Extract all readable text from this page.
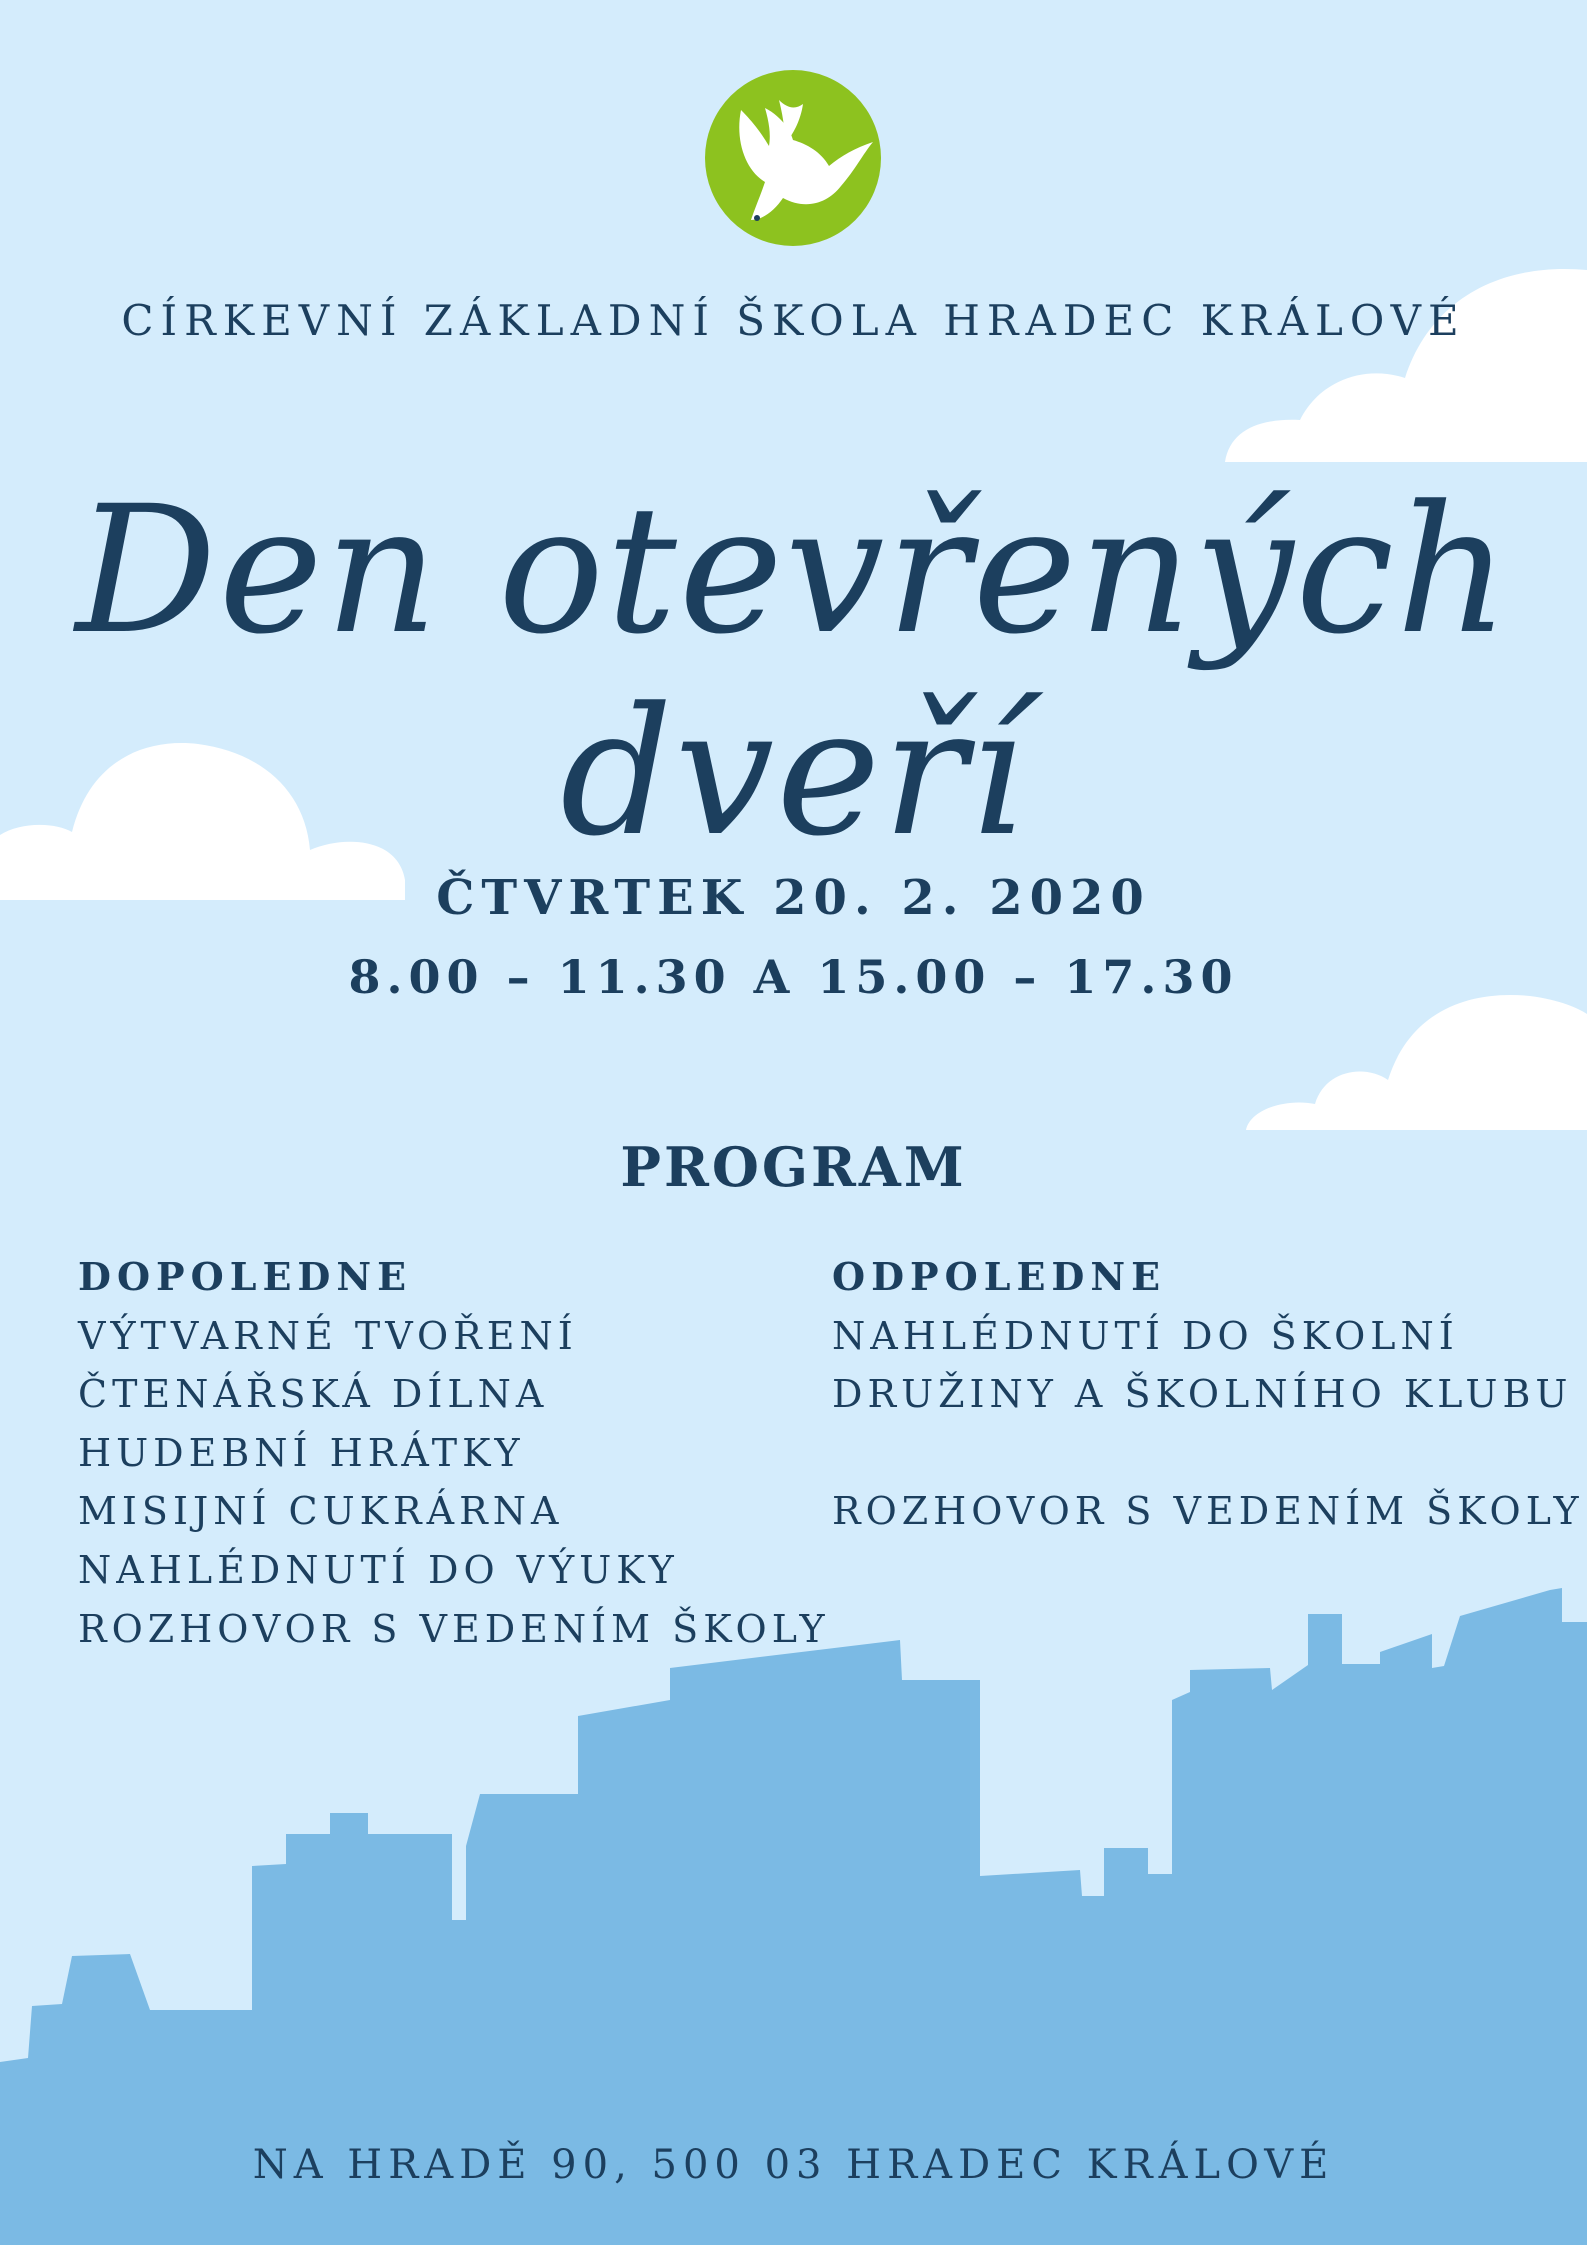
CÍRKEVNÍ ZÁKLADNÍ ŠKOLA HRADEC KRÁLOVÉ
Den otevřených dveří
ČTVRTEK 20. 2. 2020
8.00 – 11.30 A 15.00 – 17.30
PROGRAM
DOPOLEDNE
VÝTVARNÉ TVOŘENÍ
ČTENÁŘSKÁ DÍLNA
HUDEBNÍ HRÁTKY
MISIJNÍ CUKRÁRNA
NAHLÉDNUTÍ DO VÝUKY
ROZHOVOR S VEDENÍM ŠKOLY
ODPOLEDNE
NAHLÉDNUTÍ DO ŠKOLNÍ
DRUŽINY A ŠKOLNÍHO KLUBU
ROZHOVOR S VEDENÍM ŠKOLY
NA HRADĚ 90, 500 03 HRADEC KRÁLOVÉ
